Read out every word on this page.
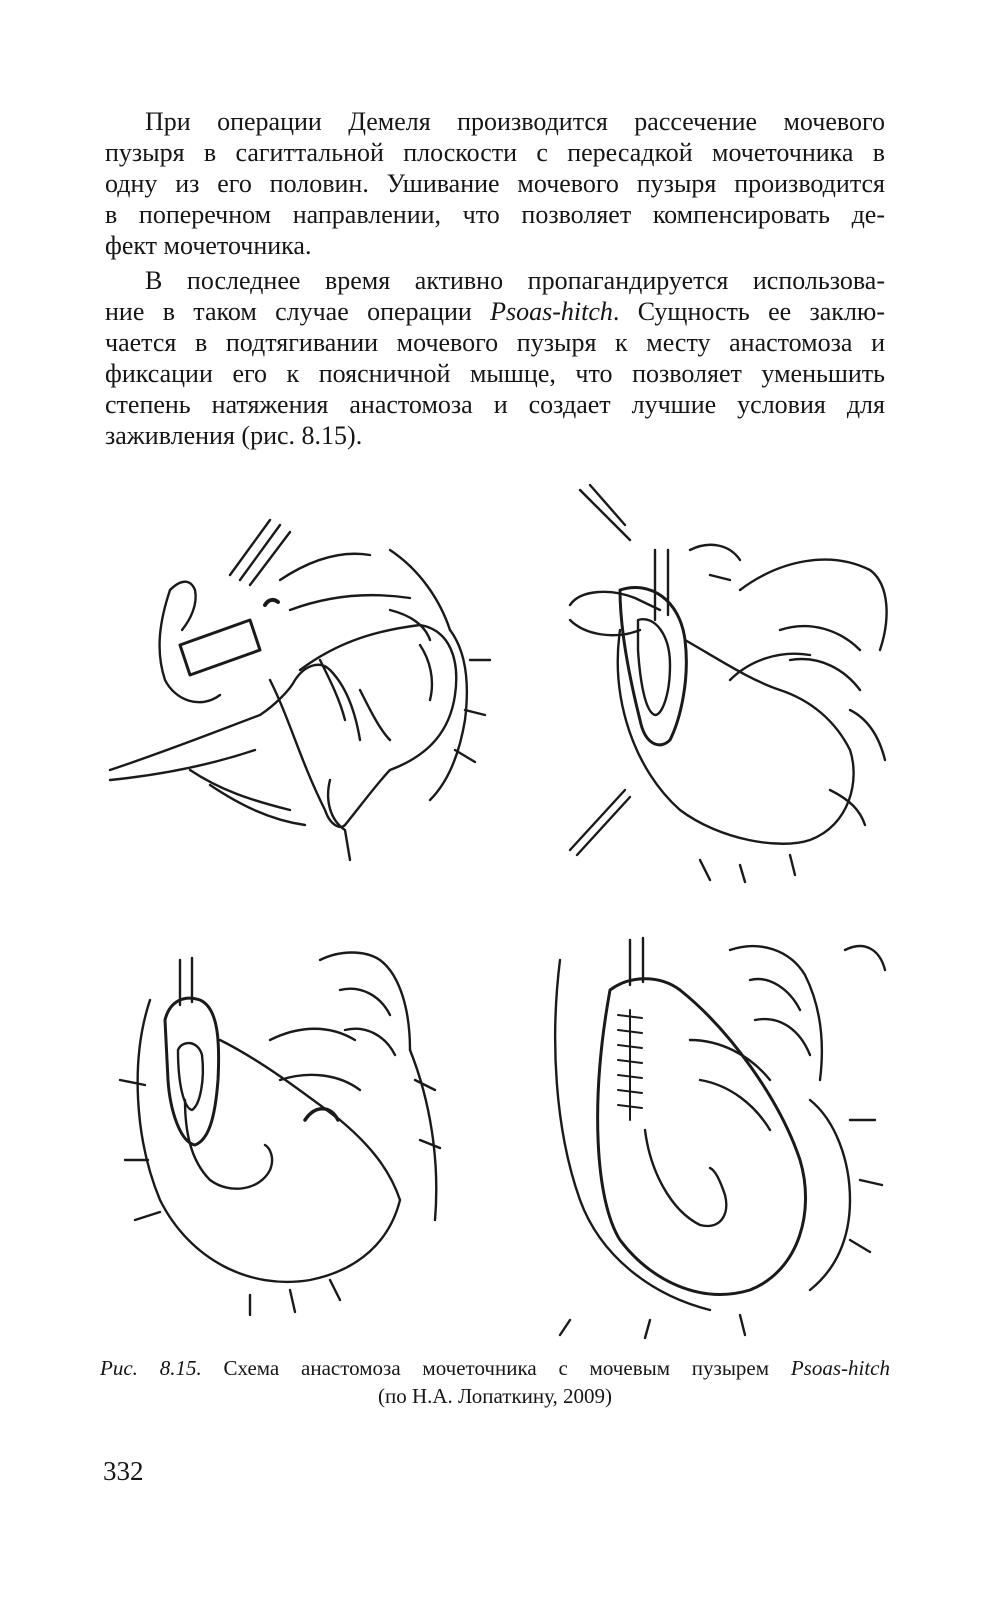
При операции Демеля производится рассечение мочевого
пузыря в сагиттальной плоскости с пересадкой мочеточника в
одну из его половин. Ушивание мочевого пузыря производится
в поперечном направлении, что позволяет компенсировать де-
фект мочеточника.
В последнее время активно пропагандируется использова-
ние в таком случае операции Psoas-hitch. Сущность ее заклю-
чается в подтягивании мочевого пузыря к месту анастомоза и
фиксации его к поясничной мышце, что позволяет уменьшить
степень натяжения анастомоза и создает лучшие условия для
заживления (рис. 8.15).
Рис. 8.15. Схема анастомоза мочеточника с мочевым пузырем Psoas-hitch
(по Н.А. Лопаткину, 2009)
332
